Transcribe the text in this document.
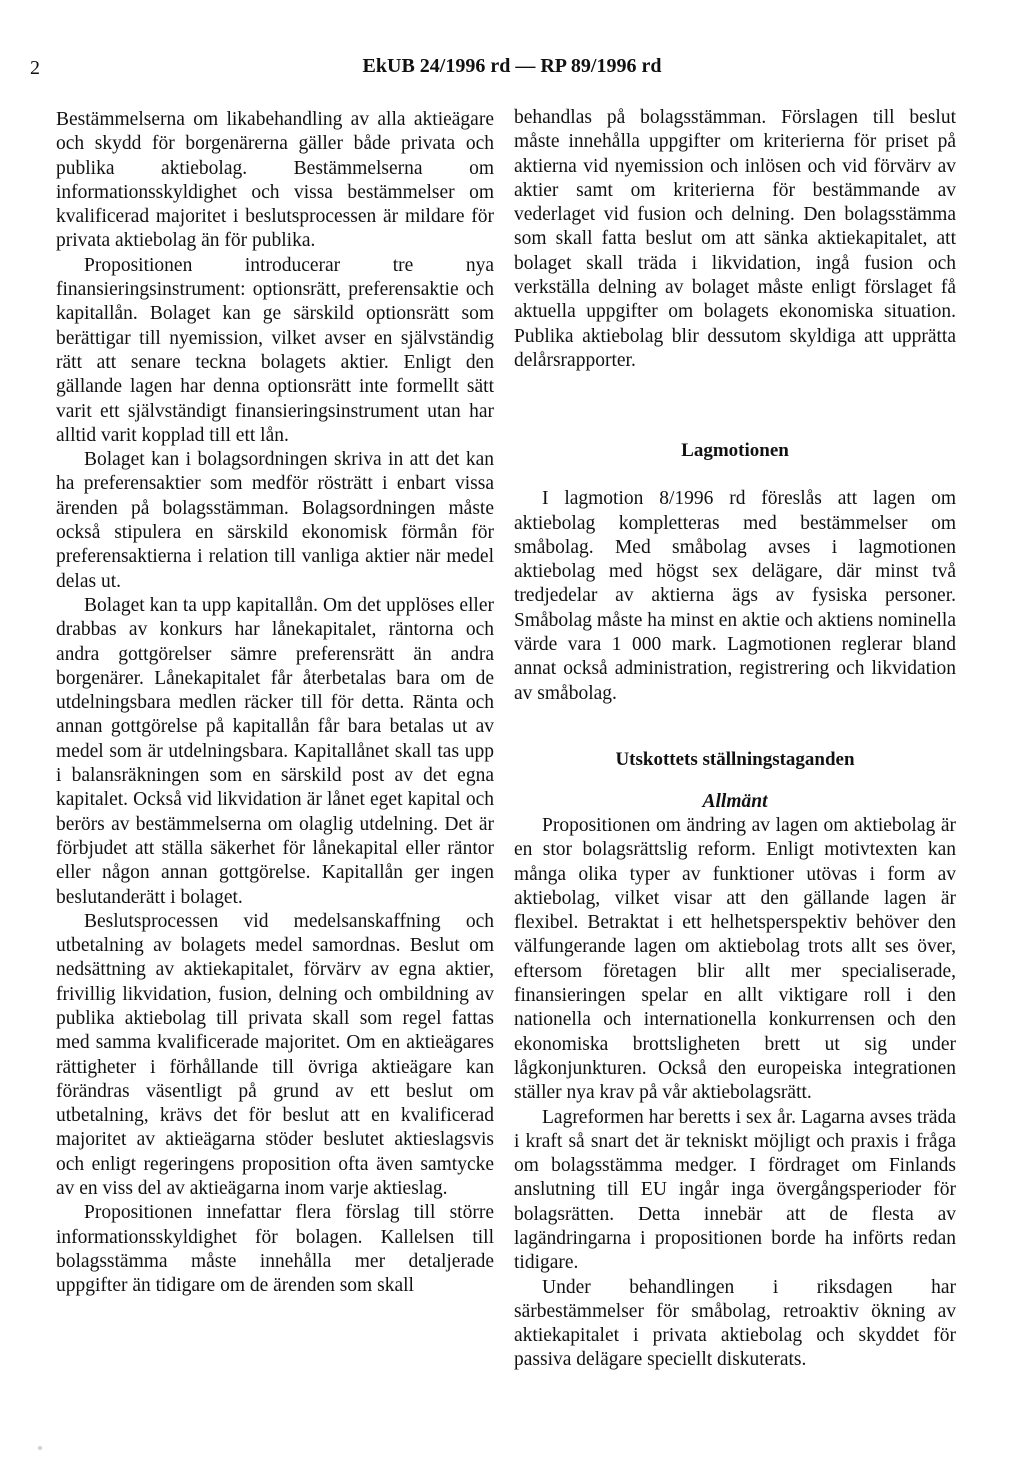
2	EkUB 24/1996 rd — RP 89/1996 rd

Bestämmelserna om likabehandling av alla aktieägare och skydd för borgenärerna gäller både privata och publika aktiebolag. Bestämmelserna om informationsskyldighet och vissa bestämmelser om kvalificerad majoritet i beslutsprocessen är mildare för privata aktiebolag än för publika.

Propositionen introducerar tre nya finansieringsinstrument: optionsrätt, preferensaktie och kapitallån. Bolaget kan ge särskild optionsrätt som berättigar till nyemission, vilket avser en självständig rätt att senare teckna bolagets aktier. Enligt den gällande lagen har denna optionsrätt inte formellt sätt varit ett självständigt finansieringsinstrument utan har alltid varit kopplad till ett lån.

Bolaget kan i bolagsordningen skriva in att det kan ha preferensaktier som medför rösträtt i enbart vissa ärenden på bolagsstämman. Bolagsordningen måste också stipulera en särskild ekonomisk förmån för preferensaktierna i relation till vanliga aktier när medel delas ut.

Bolaget kan ta upp kapitallån. Om det upplöses eller drabbas av konkurs har lånekapitalet, räntorna och andra gottgörelser sämre preferensrätt än andra borgenärer. Lånekapitalet får återbetalas bara om de utdelningsbara medlen räcker till för detta. Ränta och annan gottgörelse på kapitallån får bara betalas ut av medel som är utdelningsbara. Kapitallånet skall tas upp i balansräkningen som en särskild post av det egna kapitalet. Också vid likvidation är lånet eget kapital och berörs av bestämmelserna om olaglig utdelning. Det är förbjudet att ställa säkerhet för lånekapital eller räntor eller någon annan gottgörelse. Kapitallån ger ingen beslutanderätt i bolaget.

Beslutsprocessen vid medelsanskaffning och utbetalning av bolagets medel samordnas. Beslut om nedsättning av aktiekapitalet, förvärv av egna aktier, frivillig likvidation, fusion, delning och ombildning av publika aktiebolag till privata skall som regel fattas med samma kvalificerade majoritet. Om en aktieägares rättigheter i förhållande till övriga aktieägare kan förändras väsentligt på grund av ett beslut om utbetalning, krävs det för beslut att en kvalificerad majoritet av aktieägarna stöder beslutet aktieslagsvis och enligt regeringens proposition ofta även samtycke av en viss del av aktieägarna inom varje aktieslag.

Propositionen innefattar flera förslag till större informationsskyldighet för bolagen. Kallelsen till bolagsstämma måste innehålla mer detaljerade uppgifter än tidigare om de ärenden som skall

behandlas på bolagsstämman. Förslagen till beslut måste innehålla uppgifter om kriterierna för priset på aktierna vid nyemission och inlösen och vid förvärv av aktier samt om kriterierna för bestämmande av vederlaget vid fusion och delning. Den bolagsstämma som skall fatta beslut om att sänka aktiekapitalet, att bolaget skall träda i likvidation, ingå fusion och verkställa delning av bolaget måste enligt förslaget få aktuella uppgifter om bolagets ekonomiska situation. Publika aktiebolag blir dessutom skyldiga att upprätta delårsrapporter.

Lagmotionen

I lagmotion 8/1996 rd föreslås att lagen om aktiebolag kompletteras med bestämmelser om småbolag. Med småbolag avses i lagmotionen aktiebolag med högst sex delägare, där minst två tredjedelar av aktierna ägs av fysiska personer. Småbolag måste ha minst en aktie och aktiens nominella värde vara 1 000 mark. Lagmotionen reglerar bland annat också administration, registrering och likvidation av småbolag.

Utskottets ställningstaganden
Allmänt

Propositionen om ändring av lagen om aktiebolag är en stor bolagsrättslig reform. Enligt motivtexten kan många olika typer av funktioner utövas i form av aktiebolag, vilket visar att den gällande lagen är flexibel. Betraktat i ett helhetsperspektiv behöver den välfungerande lagen om aktiebolag trots allt ses över, eftersom företagen blir allt mer specialiserade, finansieringen spelar en allt viktigare roll i den nationella och internationella konkurrensen och den ekonomiska brottsligheten brett ut sig under lågkonjunkturen. Också den europeiska integrationen ställer nya krav på vår aktiebolagsrätt.

Lagreformen har beretts i sex år. Lagarna avses träda i kraft så snart det är tekniskt möjligt och praxis i fråga om bolagsstämma medger. I fördraget om Finlands anslutning till EU ingår inga övergångsperioder för bolagsrätten. Detta innebär att de flesta av lagändringarna i propositionen borde ha införts redan tidigare.

Under behandlingen i riksdagen har särbestämmelser för småbolag, retroaktiv ökning av aktiekapitalet i privata aktiebolag och skyddet för passiva delägare speciellt diskuterats.
